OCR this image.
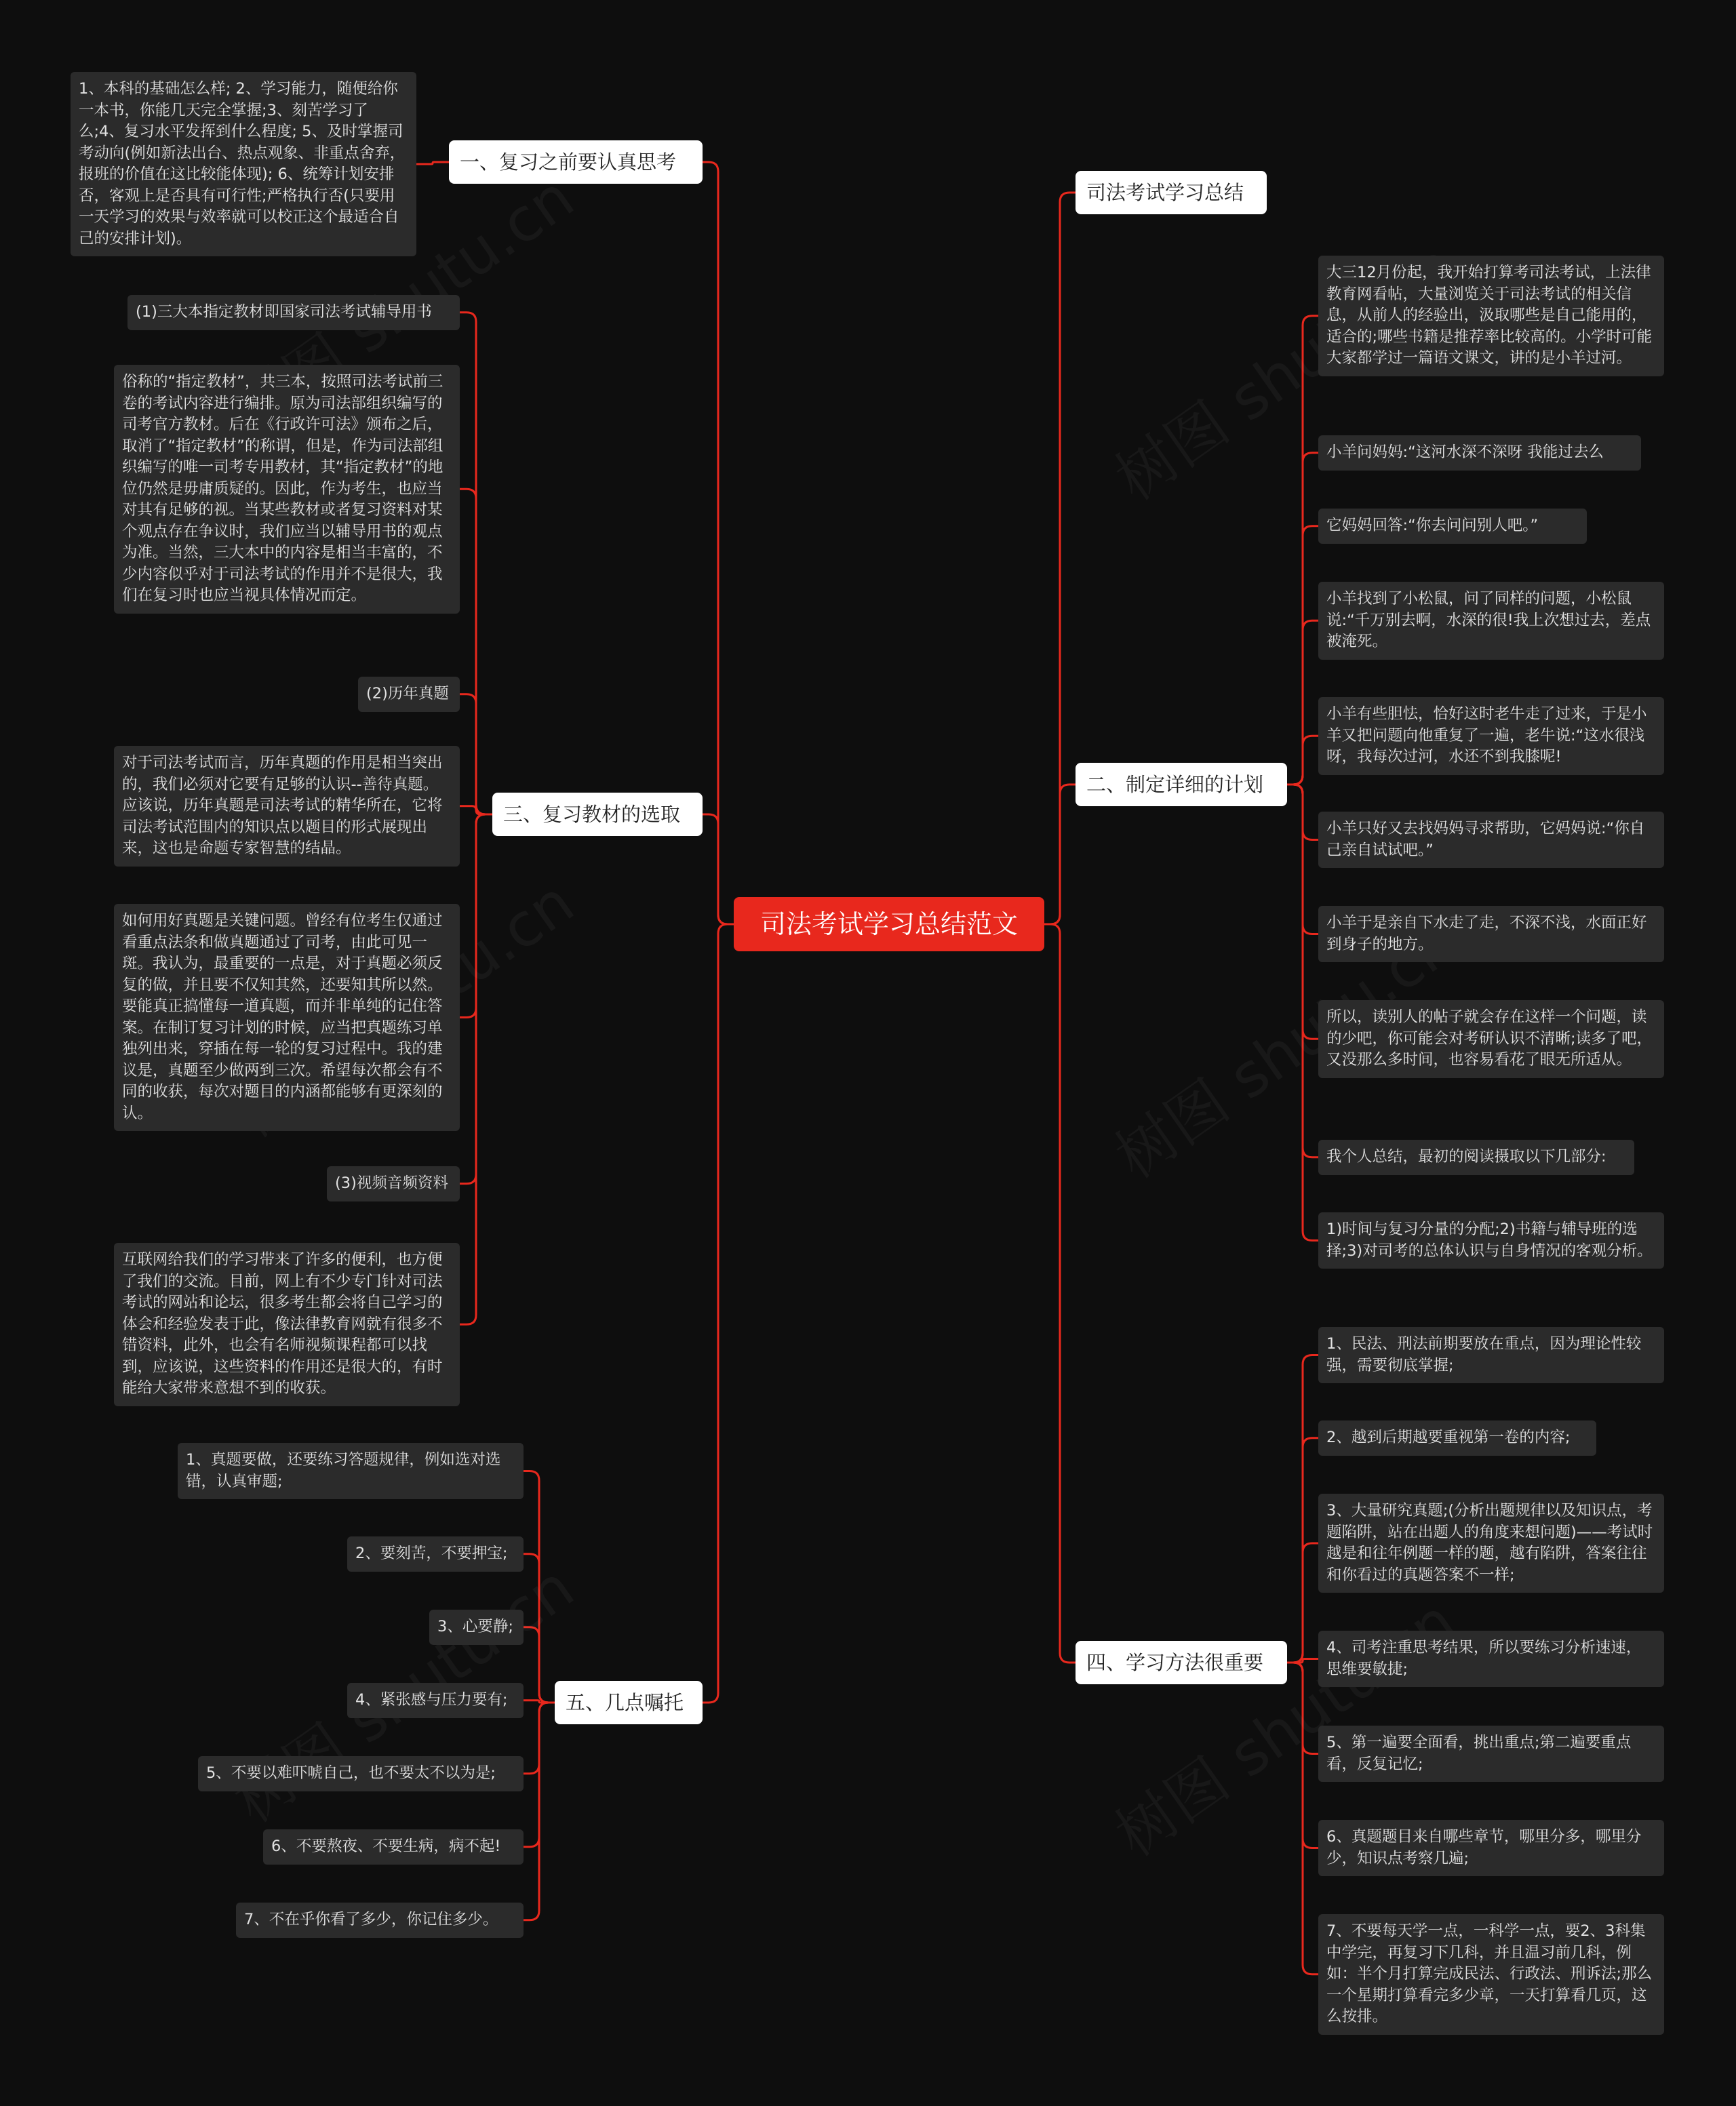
司法考试学习总结范文
一、复习之前要认真思考
1、本科的基础怎么样; 2、学习能力，随便给你一本书，你能几天完全掌握;3、刻苦学习了么;4、复习水平发挥到什么程度; 5、及时掌握司考动向(例如新法出台、热点观象、非重点舍弃，报班的价值在这比较能体现); 6、统筹计划安排否，客观上是否具有可行性;严格执行否(只要用一天学习的效果与效率就可以校正这个最适合自己的安排计划)。
三、复习教材的选取
(1)三大本指定教材即国家司法考试辅导用书
俗称的“指定教材”，共三本，按照司法考试前三卷的考试内容进行编排。原为司法部组织编写的司考官方教材。后在《行政许可法》颁布之后，取消了“指定教材”的称谓，但是，作为司法部组织编写的唯一司考专用教材，其“指定教材”的地位仍然是毋庸质疑的。因此，作为考生，也应当对其有足够的视。当某些教材或者复习资料对某个观点存在争议时，我们应当以辅导用书的观点为准。当然，三大本中的内容是相当丰富的，不少内容似乎对于司法考试的作用并不是很大，我们在复习时也应当视具体情况而定。
(2)历年真题
对于司法考试而言，历年真题的作用是相当突出的，我们必须对它要有足够的认识--善待真题。应该说，历年真题是司法考试的精华所在，它将司法考试范围内的知识点以题目的形式展现出来，这也是命题专家智慧的结晶。
如何用好真题是关键问题。曾经有位考生仅通过看重点法条和做真题通过了司考，由此可见一斑。我认为，最重要的一点是，对于真题必须反复的做，并且要不仅知其然，还要知其所以然。要能真正搞懂每一道真题，而并非单纯的记住答案。在制订复习计划的时候，应当把真题练习单独列出来，穿插在每一轮的复习过程中。我的建议是，真题至少做两到三次。希望每次都会有不同的收获，每次对题目的内涵都能够有更深刻的认。
(3)视频音频资料
互联网给我们的学习带来了许多的便利，也方便了我们的交流。目前，网上有不少专门针对司法考试的网站和论坛，很多考生都会将自己学习的体会和经验发表于此，像法律教育网就有很多不错资料，此外，也会有名师视频课程都可以找到，应该说，这些资料的作用还是很大的，有时能给大家带来意想不到的收获。
五、几点嘱托
1、真题要做，还要练习答题规律，例如选对选错，认真审题;
2、要刻苦，不要押宝;
3、心要静;
4、紧张感与压力要有;
5、不要以难吓唬自己，也不要太不以为是;
6、不要熬夜、不要生病，病不起!
7、不在乎你看了多少，你记住多少。
司法考试学习总结
二、制定详细的计划
大三12月份起，我开始打算考司法考试，上法律教育网看帖，大量浏览关于司法考试的相关信息，从前人的经验出，汲取哪些是自己能用的，适合的;哪些书籍是推荐率比较高的。小学时可能大家都学过一篇语文课文，讲的是小羊过河。
小羊问妈妈:“这河水深不深呀 我能过去么
它妈妈回答:“你去问问别人吧。”
小羊找到了小松鼠，问了同样的问题，小松鼠说:“千万别去啊，水深的很!我上次想过去，差点被淹死。
小羊有些胆怯，恰好这时老牛走了过来，于是小羊又把问题向他重复了一遍，老牛说:“这水很浅呀，我每次过河，水还不到我膝呢!
小羊只好又去找妈妈寻求帮助，它妈妈说:“你自己亲自试试吧。”
小羊于是亲自下水走了走，不深不浅，水面正好到身子的地方。
所以，读别人的帖子就会存在这样一个问题，读的少吧，你可能会对考研认识不清晰;读多了吧，又没那么多时间，也容易看花了眼无所适从。
我个人总结，最初的阅读摄取以下几部分:
1)时间与复习分量的分配;2)书籍与辅导班的选择;3)对司考的总体认识与自身情况的客观分析。
四、学习方法很重要
1、民法、刑法前期要放在重点，因为理论性较强，需要彻底掌握;
2、越到后期越要重视第一卷的内容;
3、大量研究真题;(分析出题规律以及知识点，考题陷阱，站在出题人的角度来想问题)——考试时越是和往年例题一样的题，越有陷阱，答案往往和你看过的真题答案不一样;
4、司考注重思考结果，所以要练习分析速速，思维要敏捷;
5、第一遍要全面看，挑出重点;第二遍要重点看，反复记忆;
6、真题题目来自哪些章节，哪里分多，哪里分少，知识点考察几遍;
7、不要每天学一点，一科学一点，要2、3科集中学完，再复习下几科，并且温习前几科，例如：半个月打算完成民法、行政法、刑诉法;那么一个星期打算看完多少章，一天打算看几页，这么按排。
